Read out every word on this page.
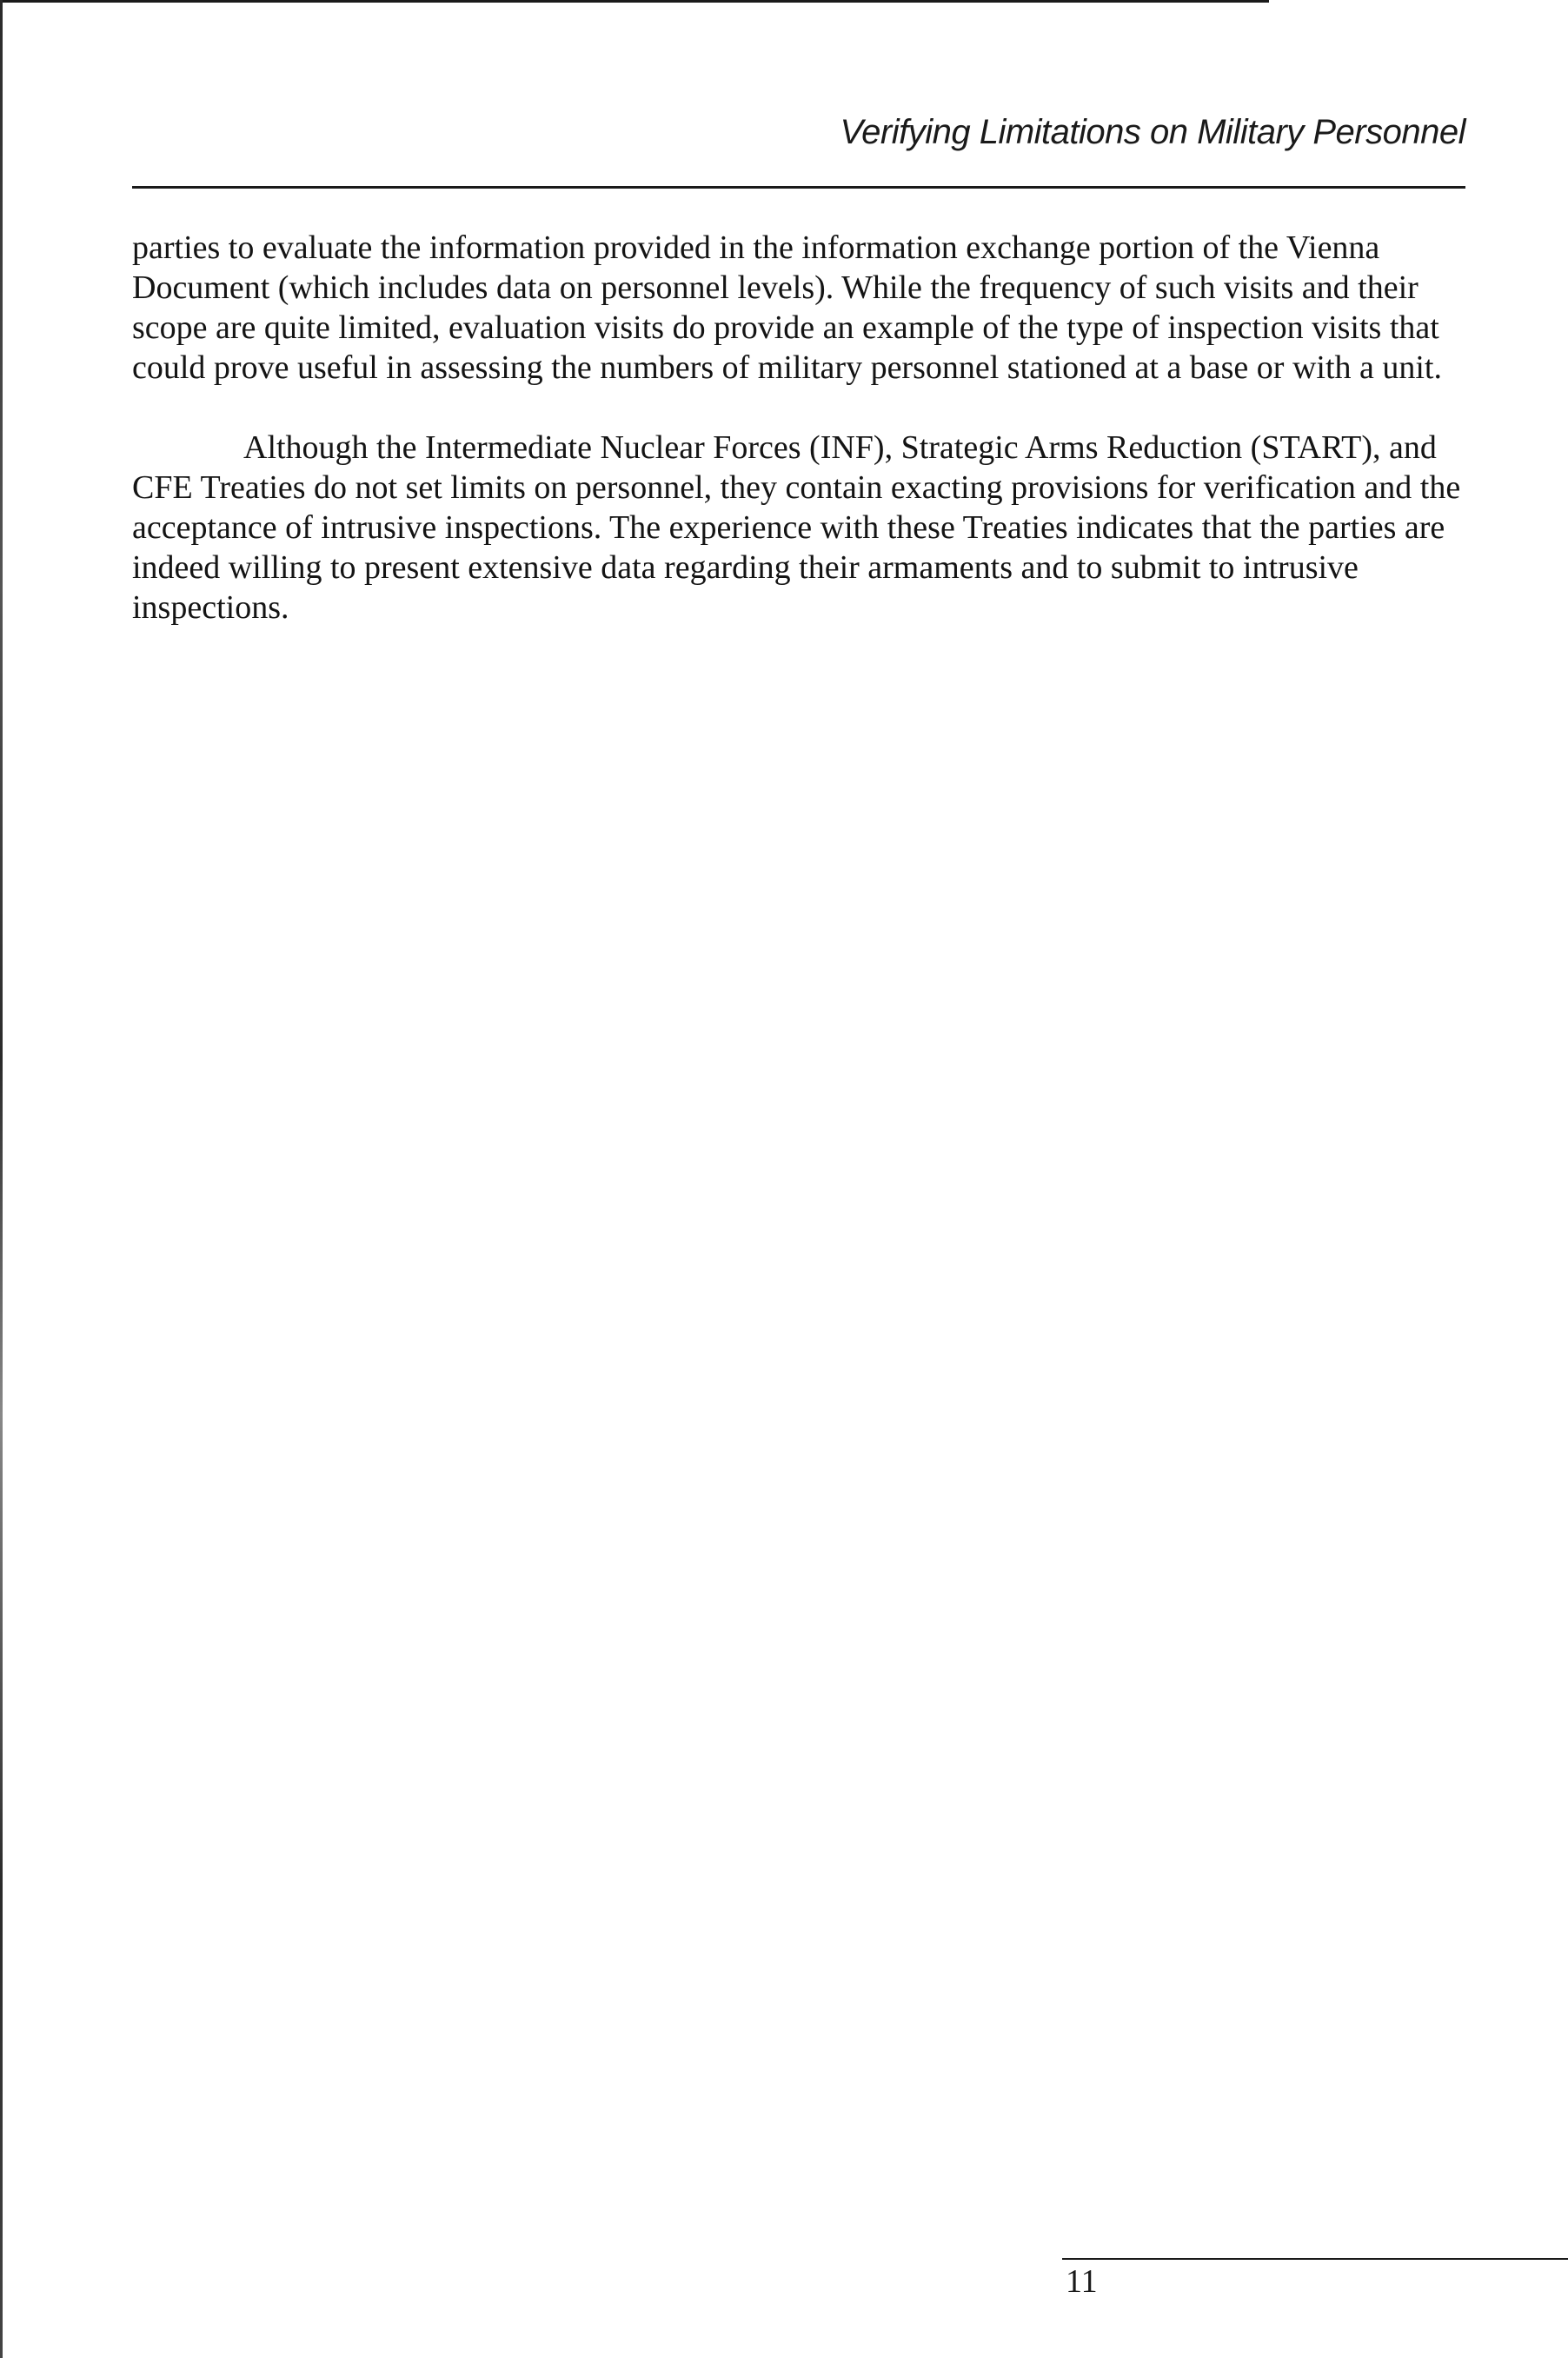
Verifying Limitations on Military Personnel

parties to evaluate the information provided in the information exchange portion of the Vienna Document (which includes data on personnel levels). While the frequency of such visits and their scope are quite limited, evaluation visits do provide an example of the type of inspection visits that could prove useful in assessing the numbers of military personnel stationed at a base or with a unit.

Although the Intermediate Nuclear Forces (INF), Strategic Arms Reduction (START), and CFE Treaties do not set limits on personnel, they contain exacting provisions for verification and the acceptance of intrusive inspections. The experience with these Treaties indicates that the parties are indeed willing to present extensive data regarding their armaments and to submit to intrusive inspections.

11
